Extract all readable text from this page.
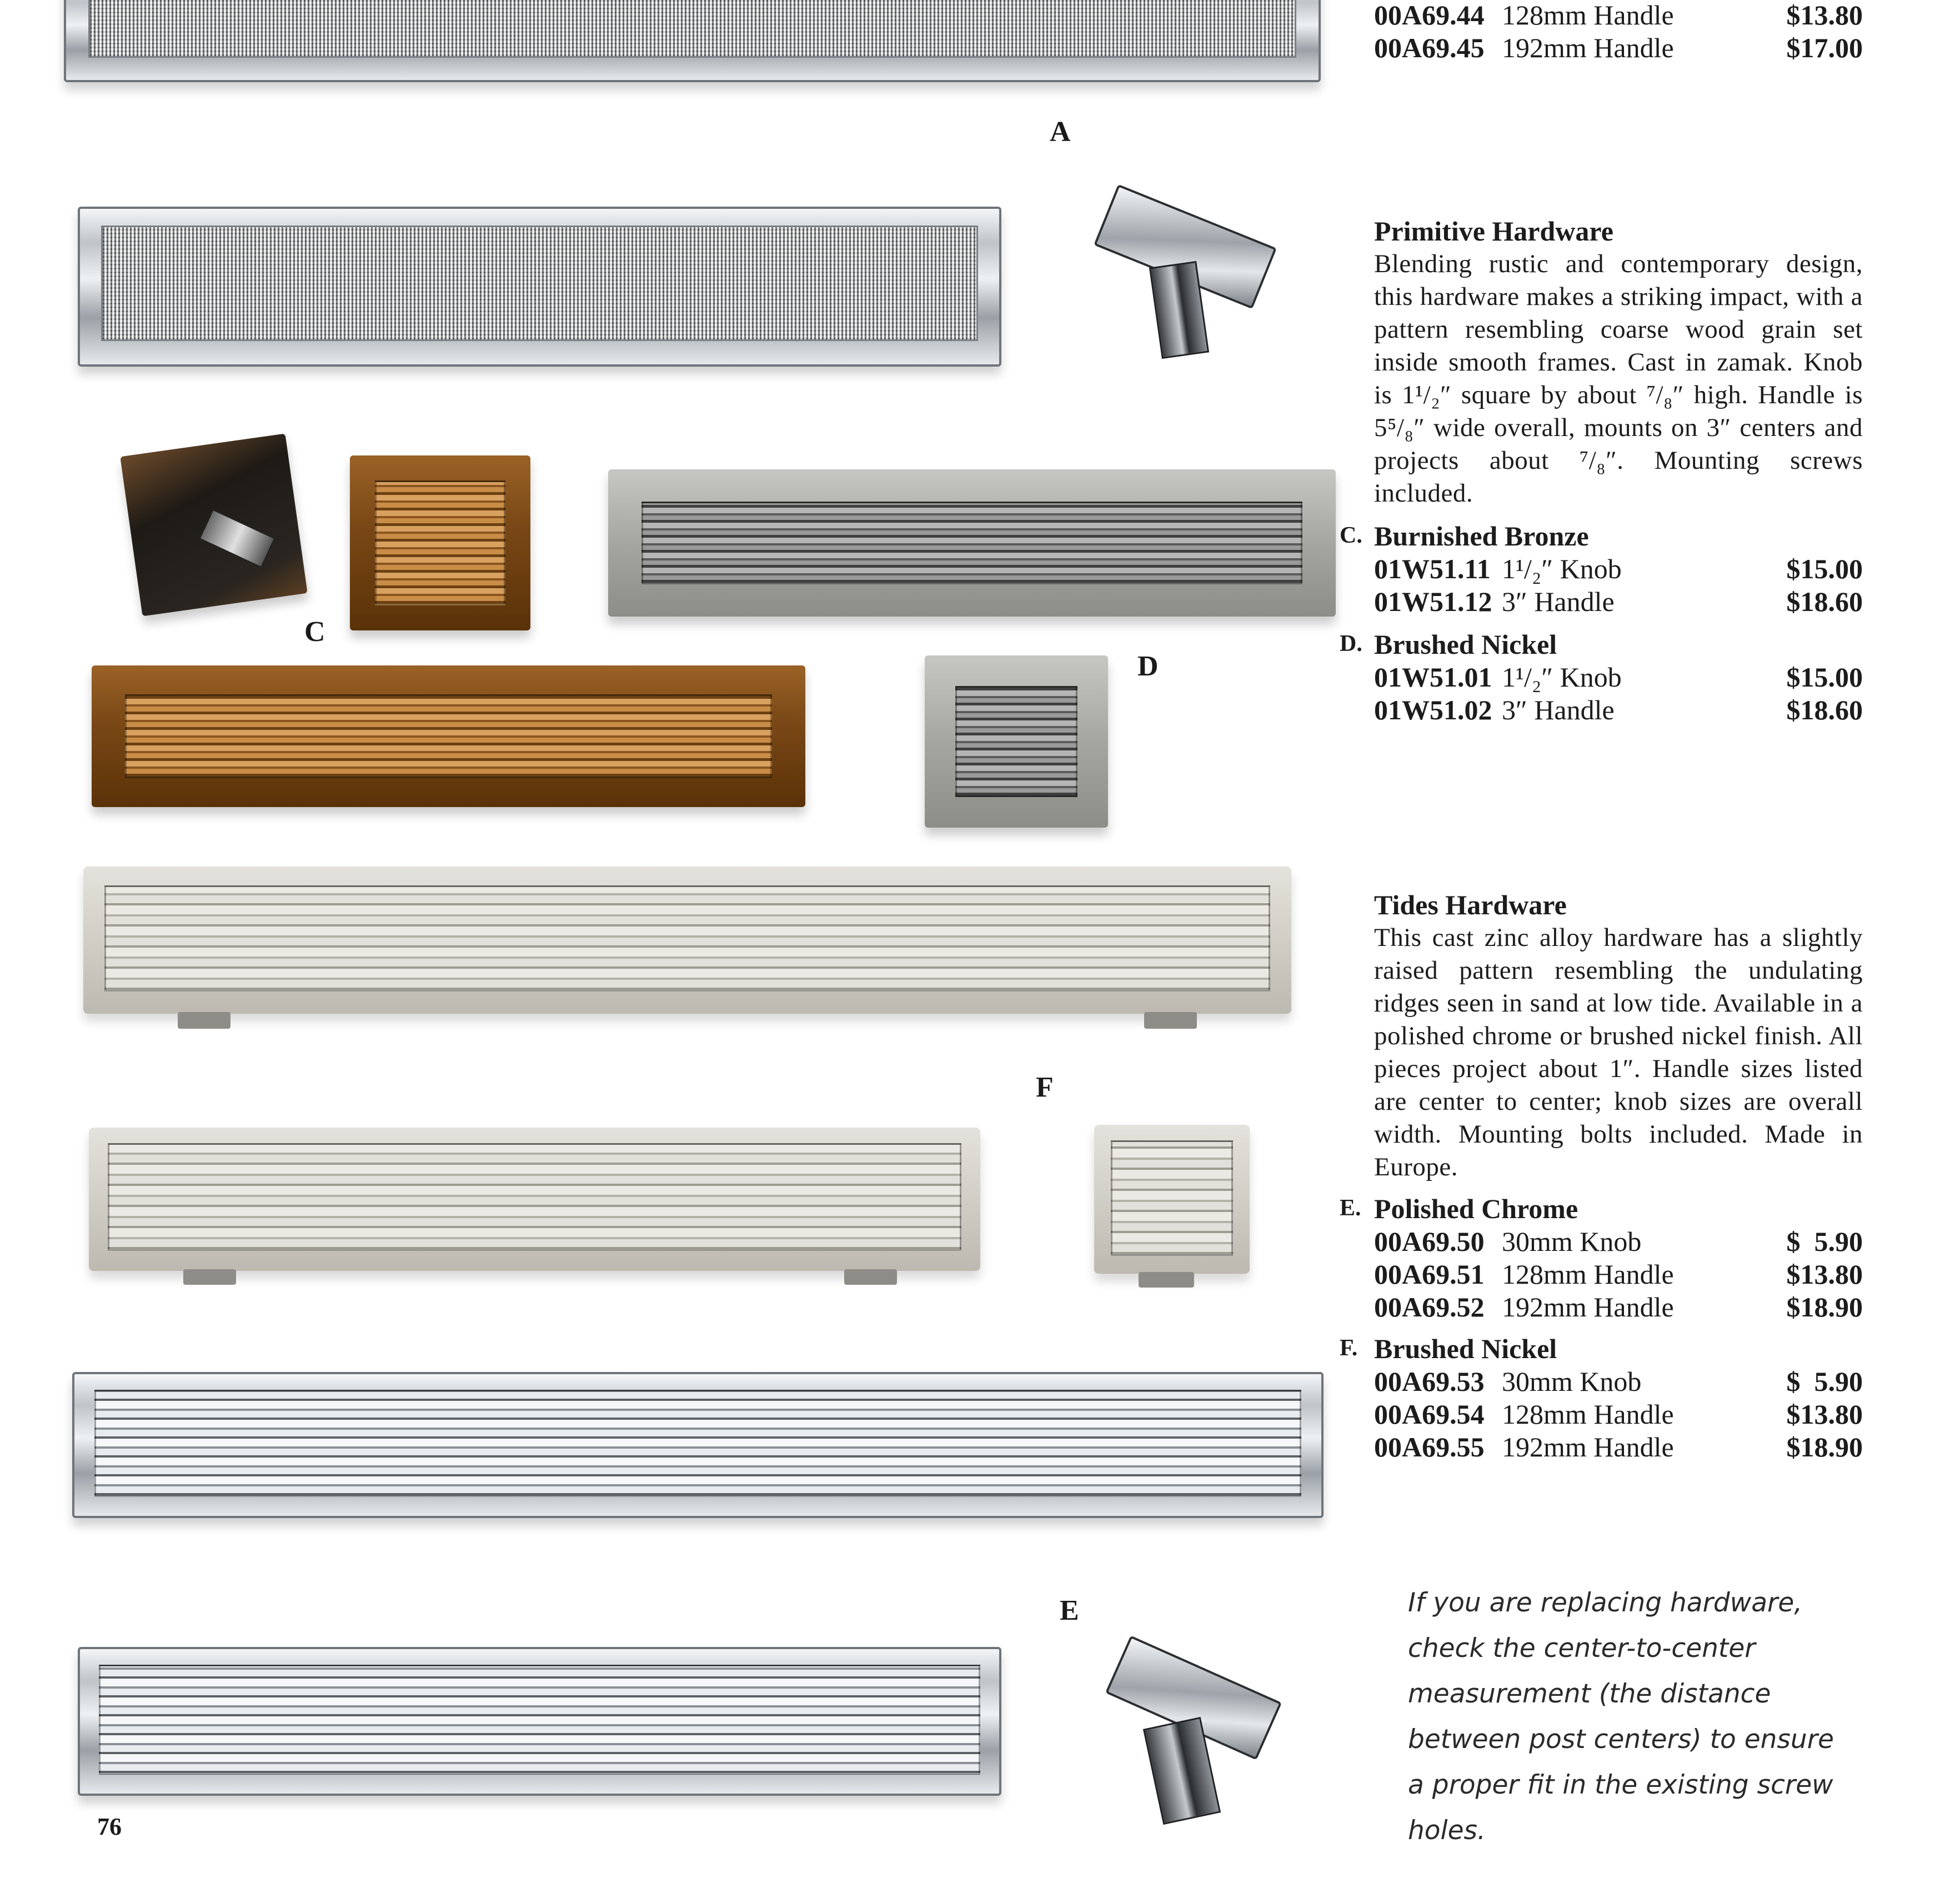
A
C
D
F
E
76
00A69.44 128mm Handle	$13.80
00A69.45 192mm Handle	$17.00
Primitive Hardware
Blending rustic and contemporary design, this hardware makes a striking impact, with a pattern resembling coarse wood grain set inside smooth frames. Cast in zamak. Knob is 1¹/₂″ square by about ⁷/₈″ high. Handle is 5⁵/₈″ wide overall, mounts on 3″ centers and projects about ⁷/₈″. Mounting screws included.
C. Burnished Bronze
01W51.11 1¹/₂″ Knob	$15.00
01W51.12 3″ Handle	$18.60
D. Brushed Nickel
01W51.01 1¹/₂″ Knob	$15.00
01W51.02 3″ Handle	$18.60
Tides Hardware
This cast zinc alloy hardware has a slightly raised pattern resembling the undulating ridges seen in sand at low tide. Available in a polished chrome or brushed nickel finish. All pieces project about 1″. Handle sizes listed are center to center; knob sizes are overall width. Mounting bolts included. Made in Europe.
E. Polished Chrome
00A69.50 30mm Knob	$  5.90
00A69.51 128mm Handle	$13.80
00A69.52 192mm Handle	$18.90
F. Brushed Nickel
00A69.53 30mm Knob	$  5.90
00A69.54 128mm Handle	$13.80
00A69.55 192mm Handle	$18.90
If you are replacing hardware, check the center-to-center measurement (the distance between post centers) to ensure a proper fit in the existing screw holes.
